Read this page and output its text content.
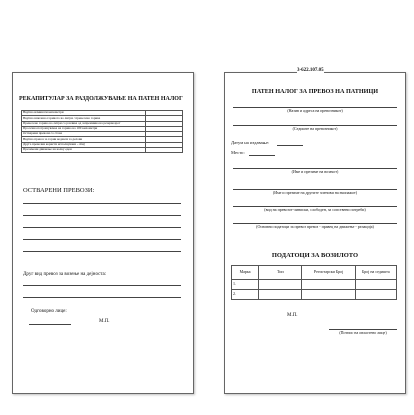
РЕКАПИТУЛАР ЗА РАЗДОЛЖУВАЊЕ НА ПАТЕН НАЛОГ
Вкупно изминати километри	
Вкупно вшелено горивото во литри / пренесено горива	
Пренесено гориво во литри со разлика од запремнина на резервоарот	
Просечна потрошувачка на гориво на 100 километри	
Остварени превози со стока	
Вкупно превоз за горни кодекси за делови	
Друга превозни користи исполнувани - обиј	
Преземени движење на колку еден	
ОСТВАРЕНИ ПРЕВОЗИ:
Друг вид превоз за возење на дејноста:
Одговорно лице:
М.П.
3-622.107.05
ПАТЕН НАЛОГ ЗА ПРЕВОЗ НА ПАТНИЦИ
(Назив и адреса на превозникот)
(Седиште на превозникот)
Датум на издавање:
Место:
(Име и презиме на возачот)
(Име и презиме на другите членови на екипажот)
(вид на превозот-линиски, слободен, за сопствени потреби)
(Основни податоци за превоз превоз - правец на движење - релација)
ПОДАТОЦИ ЗА ВОЗИЛОТО
Марка	Тип	Регистарски Број	Број на седишта
1.			
2.			
М.П.
(Потпис на овластено лице)
